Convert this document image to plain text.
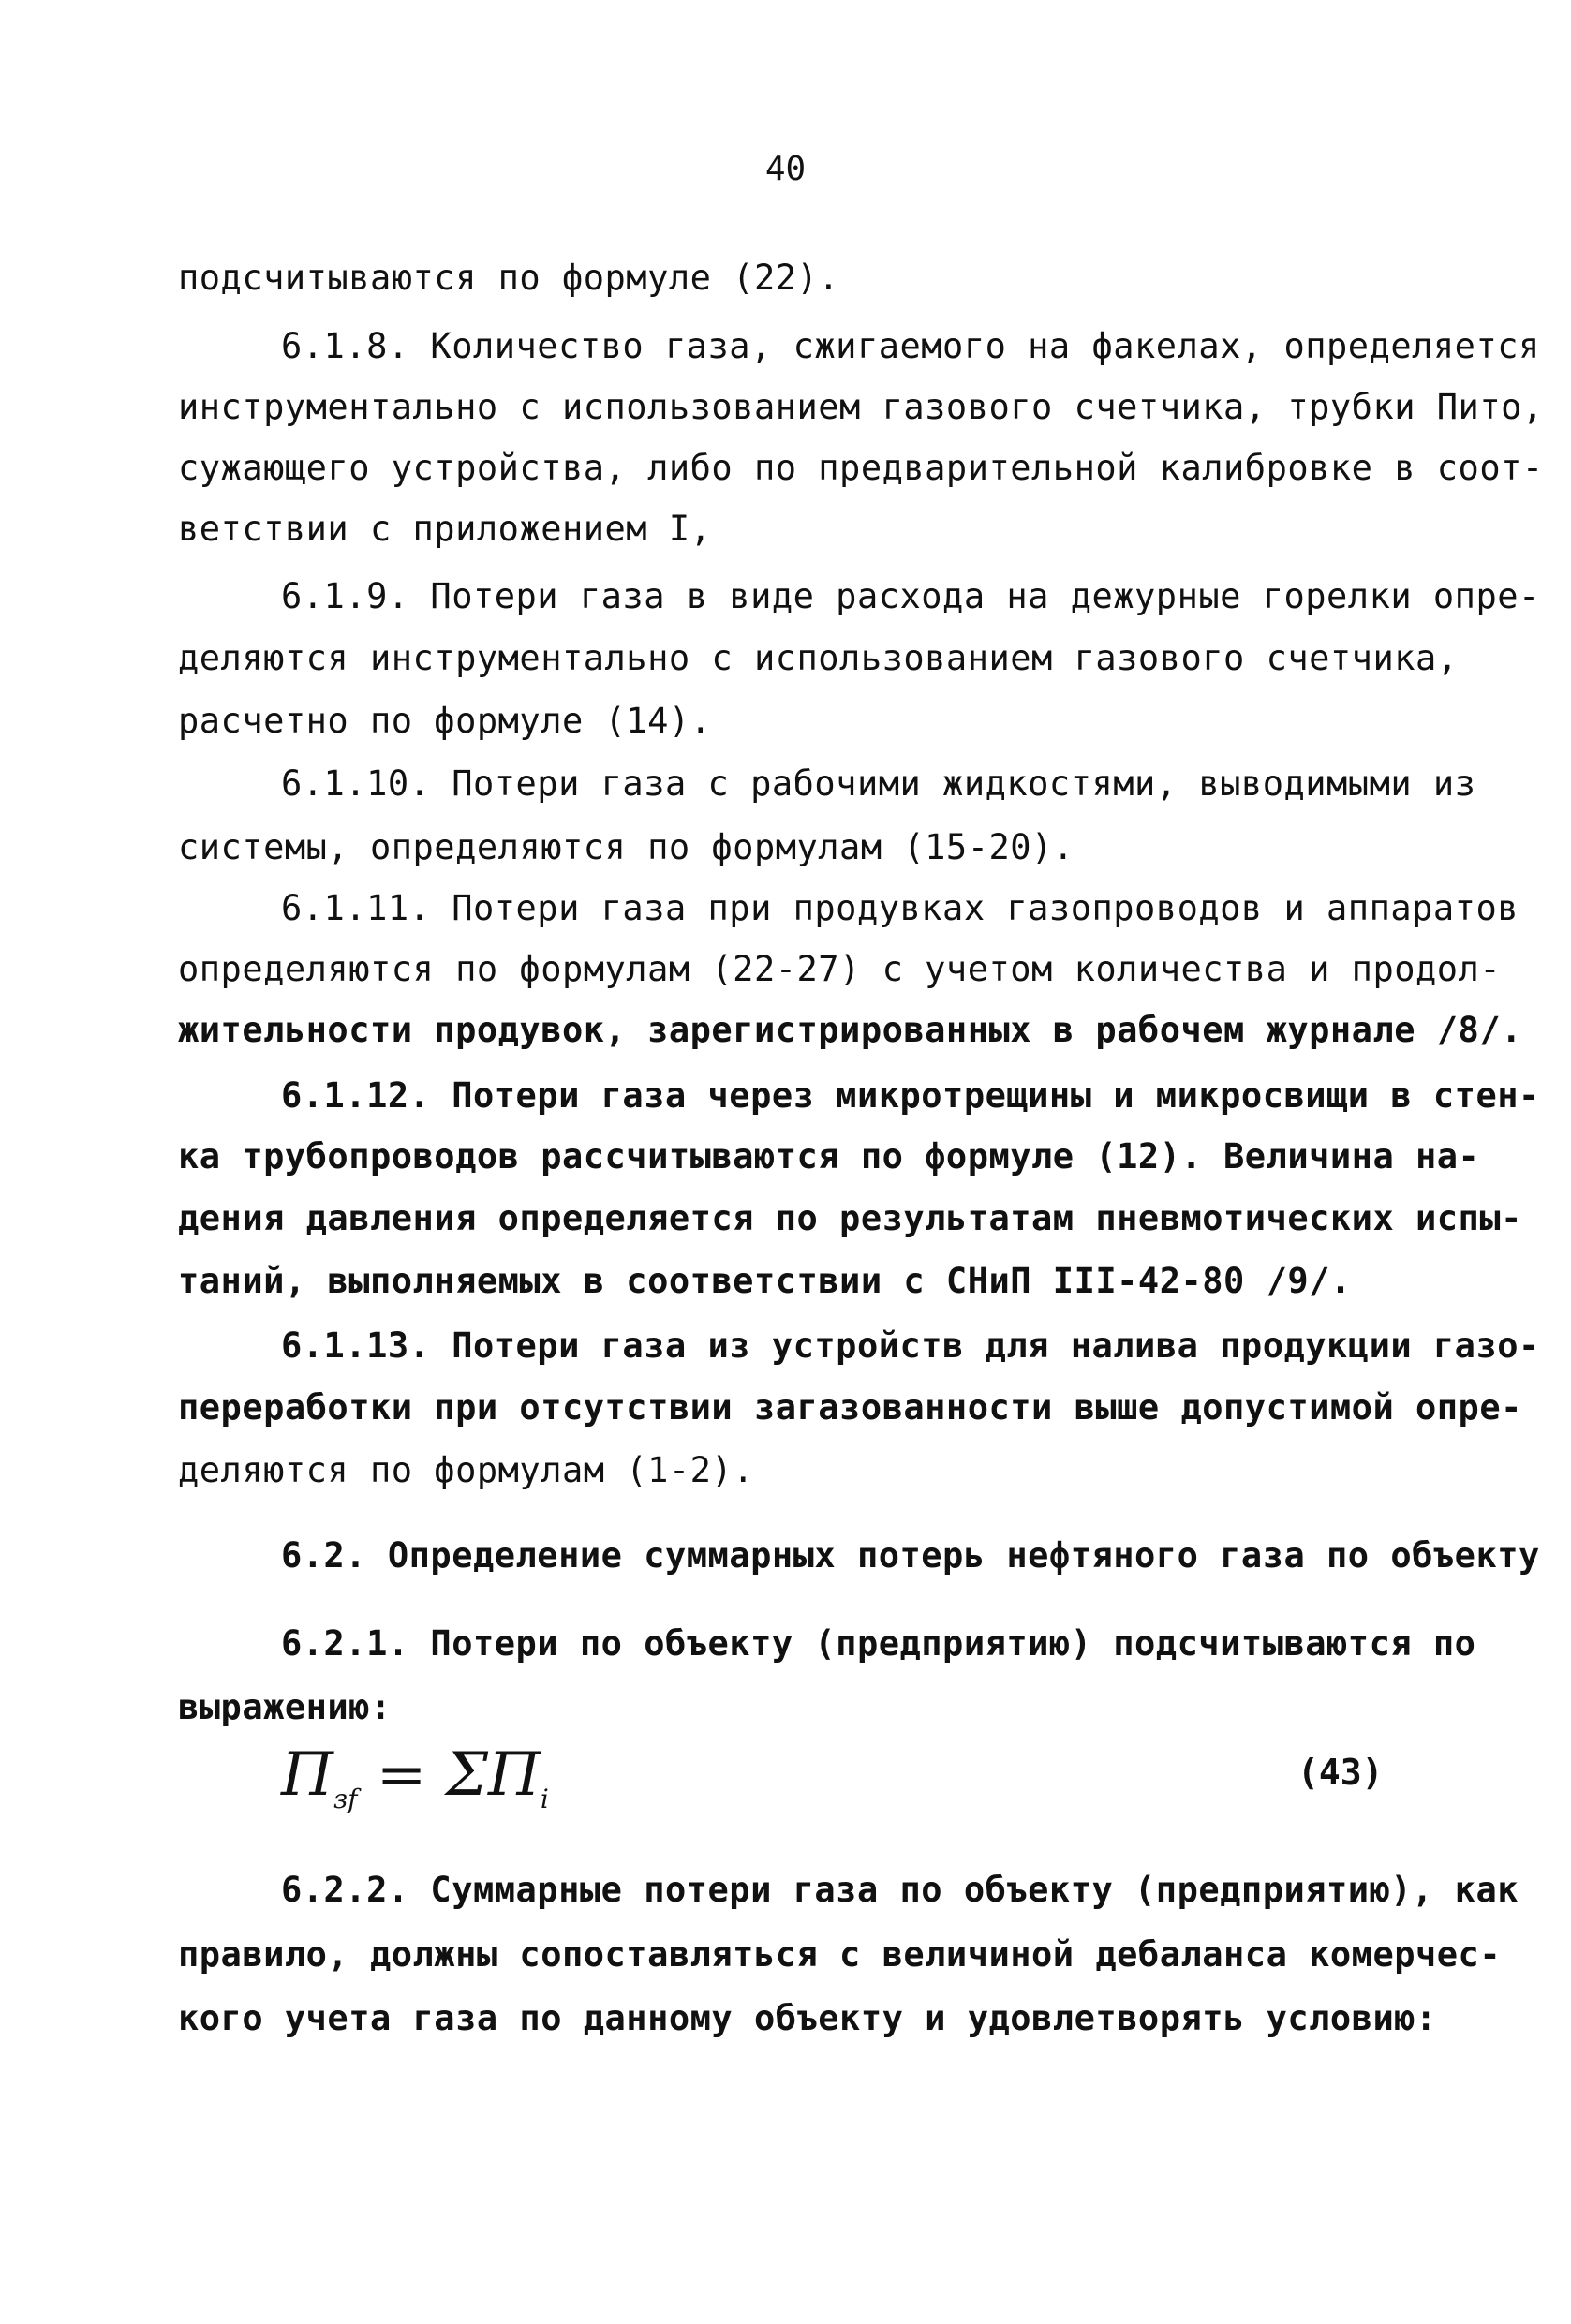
40
подсчитываются по формуле (22).
6.1.8. Количество газа, сжигаемого на факелах, определяется
инструментально с использованием газового счетчика, трубки Пито,
сужающего устройства, либо по предварительной калибровке в соот-
ветствии с приложением I,
6.1.9. Потери газа в виде расхода на дежурные горелки опре-
деляются инструментально с использованием газового счетчика,
расчетно по формуле (14).
6.1.10. Потери газа с рабочими жидкостями, выводимыми из
системы, определяются по формулам (15-20).
6.1.11. Потери газа при продувках газопроводов и аппаратов
определяются по формулам (22-27) с учетом количества и продол-
жительности продувок, зарегистрированных в рабочем журнале /8/.
6.1.12. Потери газа через микротрещины и микросвищи в стен-
ка трубопроводов рассчитываются по формуле (12). Величина на-
дения давления определяется по результатам пневмотических испы-
таний, выполняемых в соответствии с СНиП III-42-80 /9/.
6.1.13. Потери газа из устройств для налива продукции газо-
переработки при отсутствии загазованности выше допустимой опре-
деляются по формулам (1-2).
6.2. Определение суммарных потерь нефтяного газа по объекту
6.2.1. Потери по объекту (предприятию) подсчитываются по
выражению:
$П_{зf} = \Sigma П_i$
(43)
6.2.2. Суммарные потери газа по объекту (предприятию), как
правило, должны сопоставляться с величиной дебаланса комерчес-
кого учета газа по данному объекту и удовлетворять условию:
